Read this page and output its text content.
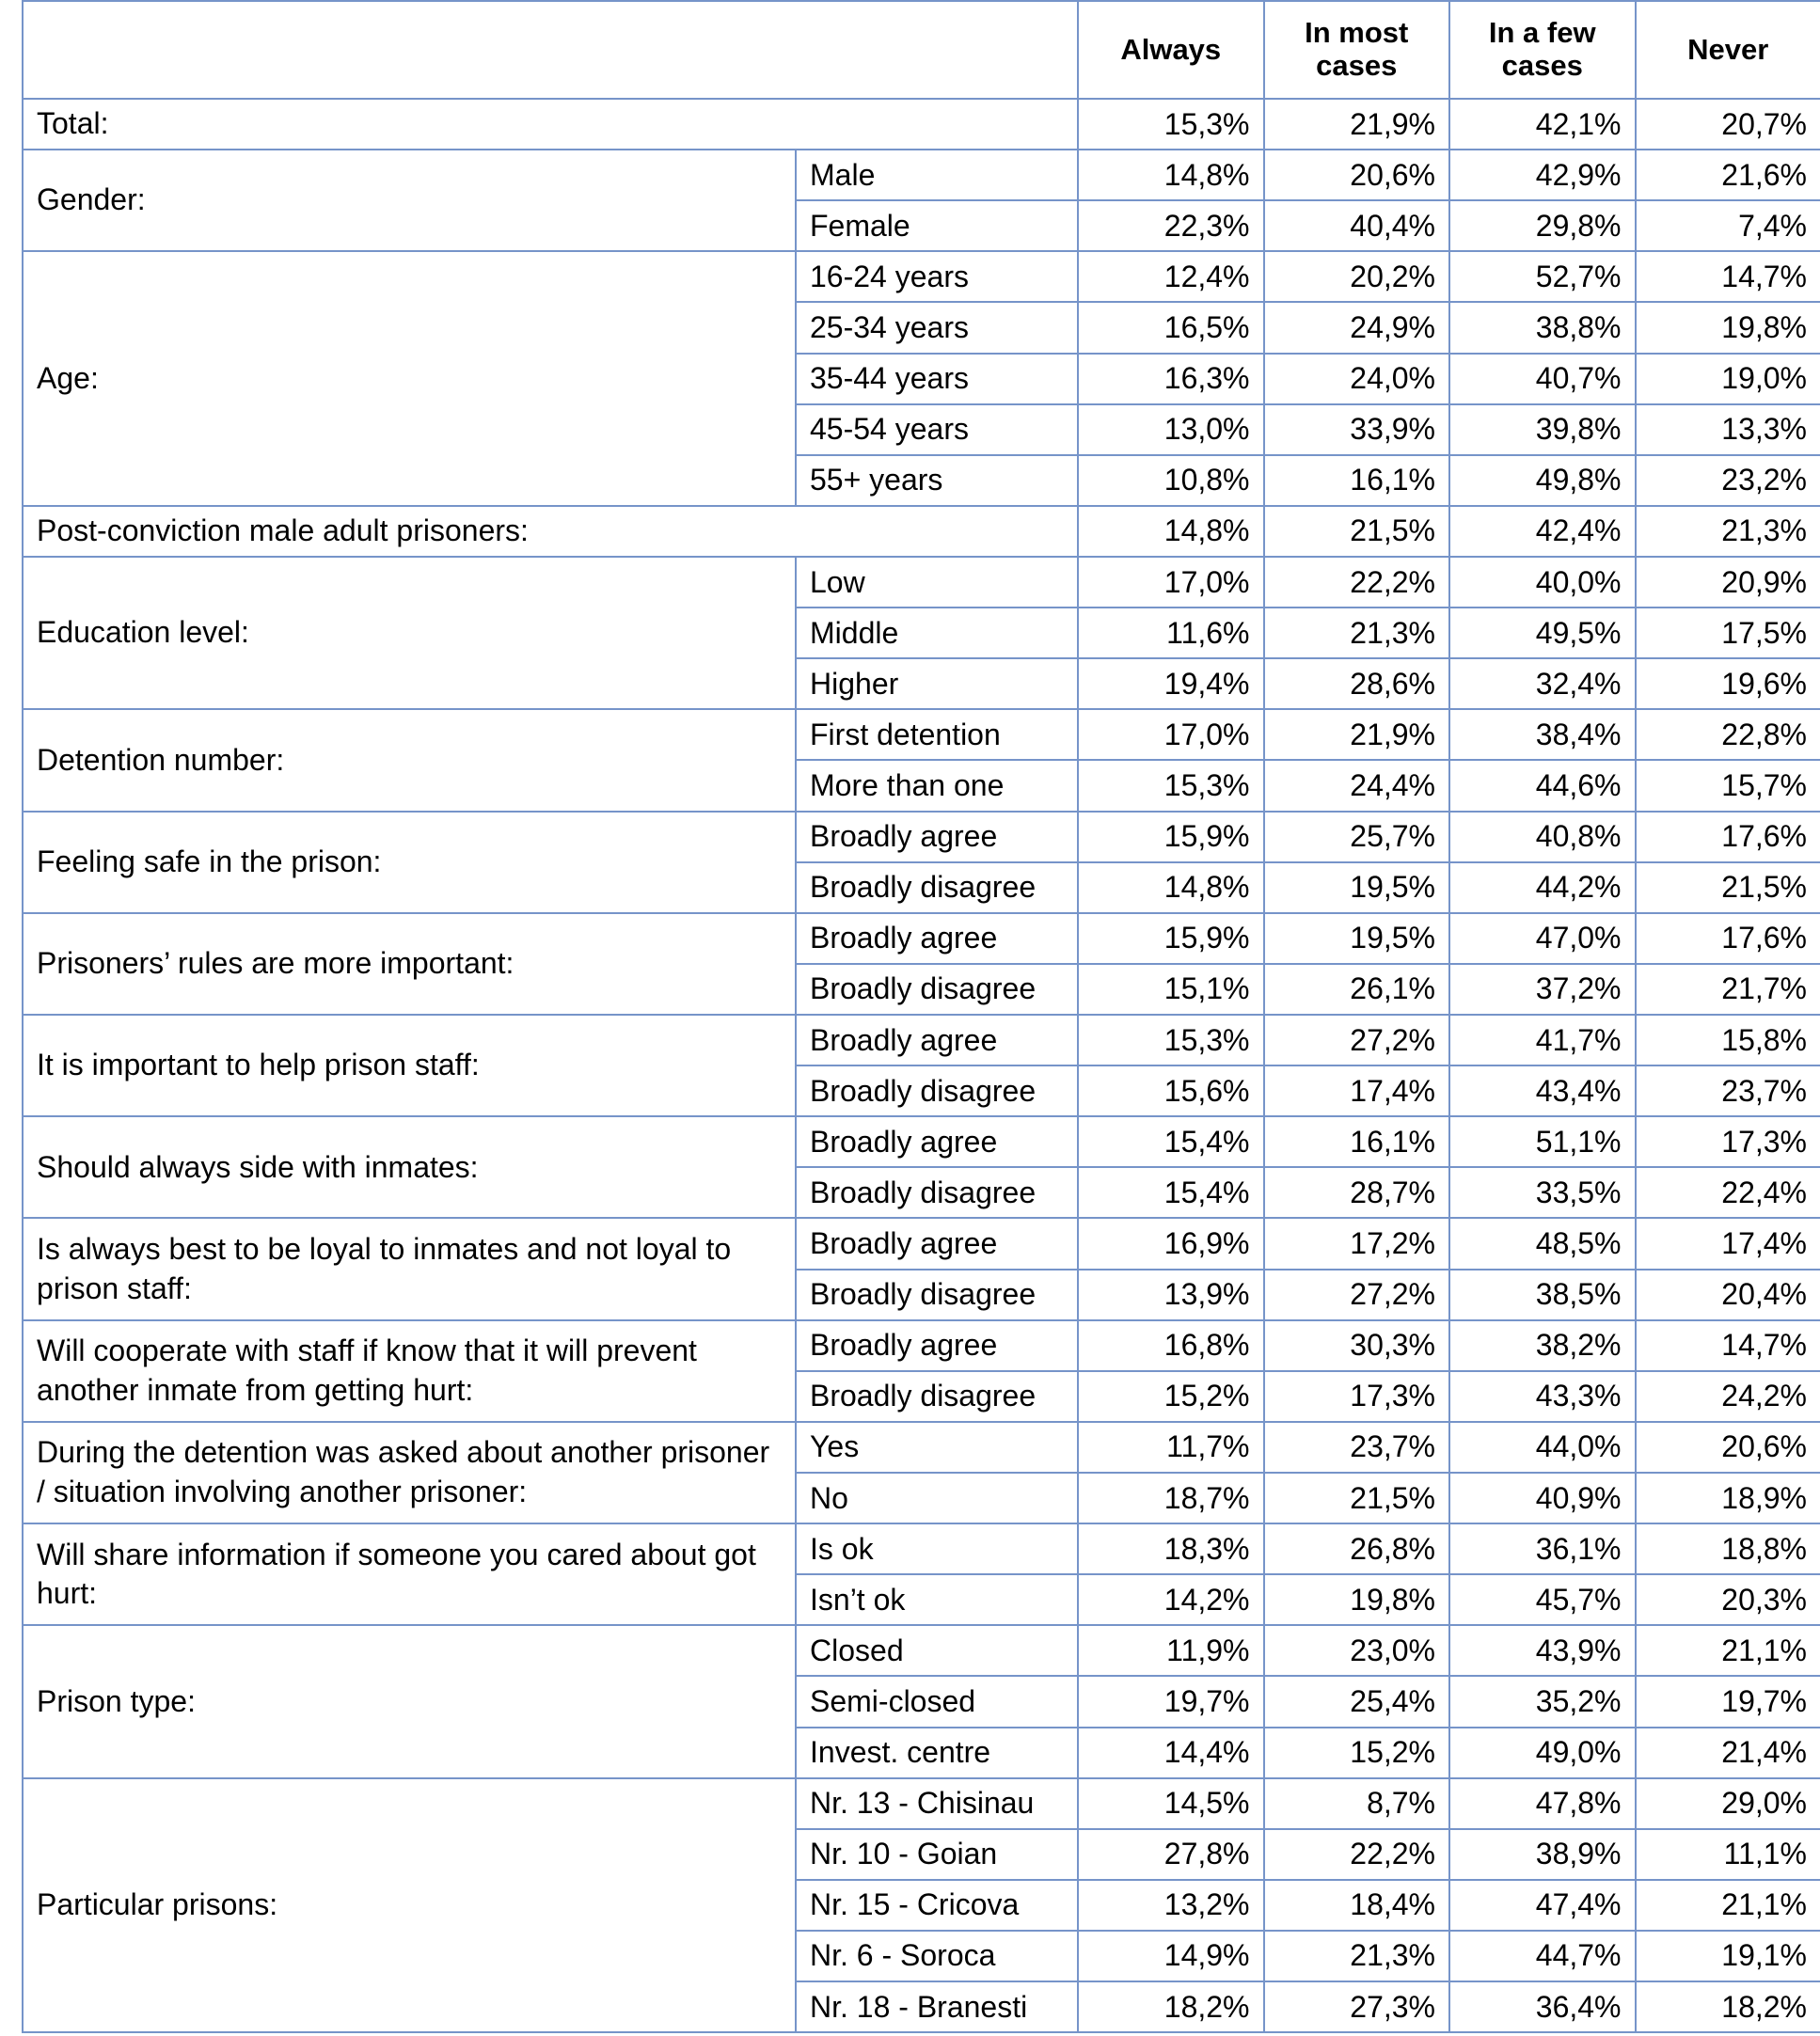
		Always	In most cases	In a few cases	Never
Total:		15,3%	21,9%	42,1%	20,7%
Gender:	Male	14,8%	20,6%	42,9%	21,6%
	Female	22,3%	40,4%	29,8%	7,4%
Age:	16-24 years	12,4%	20,2%	52,7%	14,7%
	25-34 years	16,5%	24,9%	38,8%	19,8%
	35-44 years	16,3%	24,0%	40,7%	19,0%
	45-54 years	13,0%	33,9%	39,8%	13,3%
	55+ years	10,8%	16,1%	49,8%	23,2%
Post-conviction male adult prisoners:		14,8%	21,5%	42,4%	21,3%
Education level:	Low	17,0%	22,2%	40,0%	20,9%
	Middle	11,6%	21,3%	49,5%	17,5%
	Higher	19,4%	28,6%	32,4%	19,6%
Detention number:	First detention	17,0%	21,9%	38,4%	22,8%
	More than one	15,3%	24,4%	44,6%	15,7%
Feeling safe in the prison:	Broadly agree	15,9%	25,7%	40,8%	17,6%
	Broadly disagree	14,8%	19,5%	44,2%	21,5%
Prisoners’ rules are more important:	Broadly agree	15,9%	19,5%	47,0%	17,6%
	Broadly disagree	15,1%	26,1%	37,2%	21,7%
It is important to help prison staff:	Broadly agree	15,3%	27,2%	41,7%	15,8%
	Broadly disagree	15,6%	17,4%	43,4%	23,7%
Should always side with inmates:	Broadly agree	15,4%	16,1%	51,1%	17,3%
	Broadly disagree	15,4%	28,7%	33,5%	22,4%
Is always best to be loyal to inmates and not loyal to prison staff:	Broadly agree	16,9%	17,2%	48,5%	17,4%
	Broadly disagree	13,9%	27,2%	38,5%	20,4%
Will cooperate with staff if know that it will prevent another inmate from getting hurt:	Broadly agree	16,8%	30,3%	38,2%	14,7%
	Broadly disagree	15,2%	17,3%	43,3%	24,2%
During the detention was asked about another prisoner / situation involving another prisoner:	Yes	11,7%	23,7%	44,0%	20,6%
	No	18,7%	21,5%	40,9%	18,9%
Will share information if someone you cared about got hurt:	Is ok	18,3%	26,8%	36,1%	18,8%
	Isn’t ok	14,2%	19,8%	45,7%	20,3%
Prison type:	Closed	11,9%	23,0%	43,9%	21,1%
	Semi-closed	19,7%	25,4%	35,2%	19,7%
	Invest. centre	14,4%	15,2%	49,0%	21,4%
Particular prisons:	Nr. 13 - Chisinau	14,5%	8,7%	47,8%	29,0%
	Nr. 10 - Goian	27,8%	22,2%	38,9%	11,1%
	Nr. 15 - Cricova	13,2%	18,4%	47,4%	21,1%
	Nr. 6 - Soroca	14,9%	21,3%	44,7%	19,1%
	Nr. 18 - Branesti	18,2%	27,3%	36,4%	18,2%
